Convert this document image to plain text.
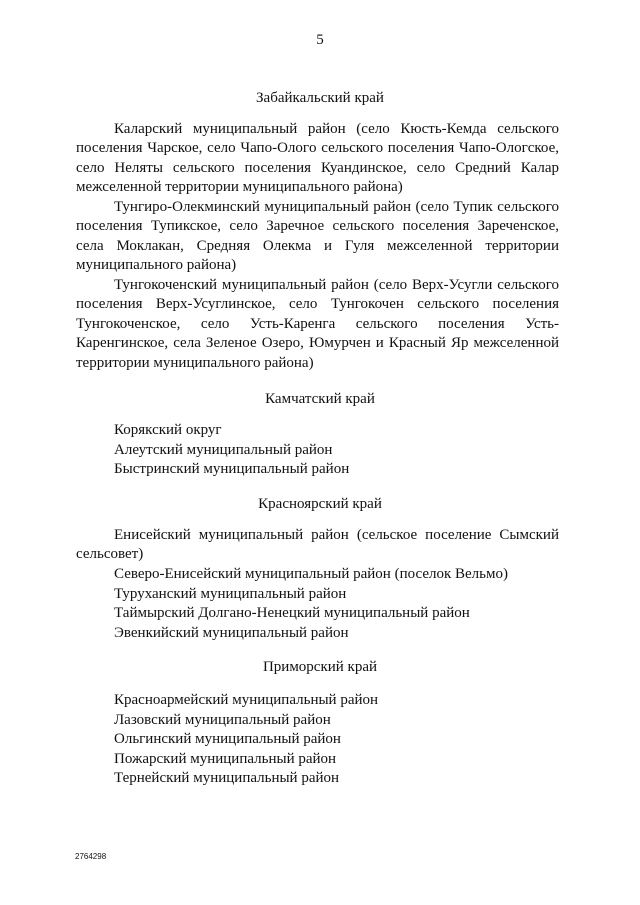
5
Забайкальский край

Каларский муниципальный район (село Кюсть-Кемда сельского поселения Чарское, село Чапо-Ологo сельского поселения Чапо-Ологское, село Неляты сельского поселения Куандинское, село Средний Калар межселенной территории муниципального района)

Тунгиро-Олекминский муниципальный район (село Тупик сельского поселения Тупикское, село Заречное сельского поселения Зареченское, села Моклакан, Средняя Олекма и Гуля межселенной территории муниципального района)

Тунгокоченский муниципальный район (село Верх-Усугли сельского поселения Верх-Усуглинское, село Тунгокочен сельского поселения Тунгокоченское, село Усть-Каренга сельского поселения Усть-Каренгинское, села Зеленое Озеро, Юмурчен и Красный Яр межселенной территории муниципального района)

Камчатский край
Корякский округ
Алеутский муниципальный район
Быстринский муниципальный район
Красноярский край

Енисейский муниципальный район (сельское поселение Сымский сельсовет)

Северо-Енисейский муниципальный район (поселок Вельмо)
Туруханский муниципальный район
Таймырский Долгано-Ненецкий муниципальный район
Эвенкийский муниципальный район
Приморский край
Красноармейский муниципальный район
Лазовский муниципальный район
Ольгинский муниципальный район
Пожарский муниципальный район
Тернейский муниципальный район
2764298
